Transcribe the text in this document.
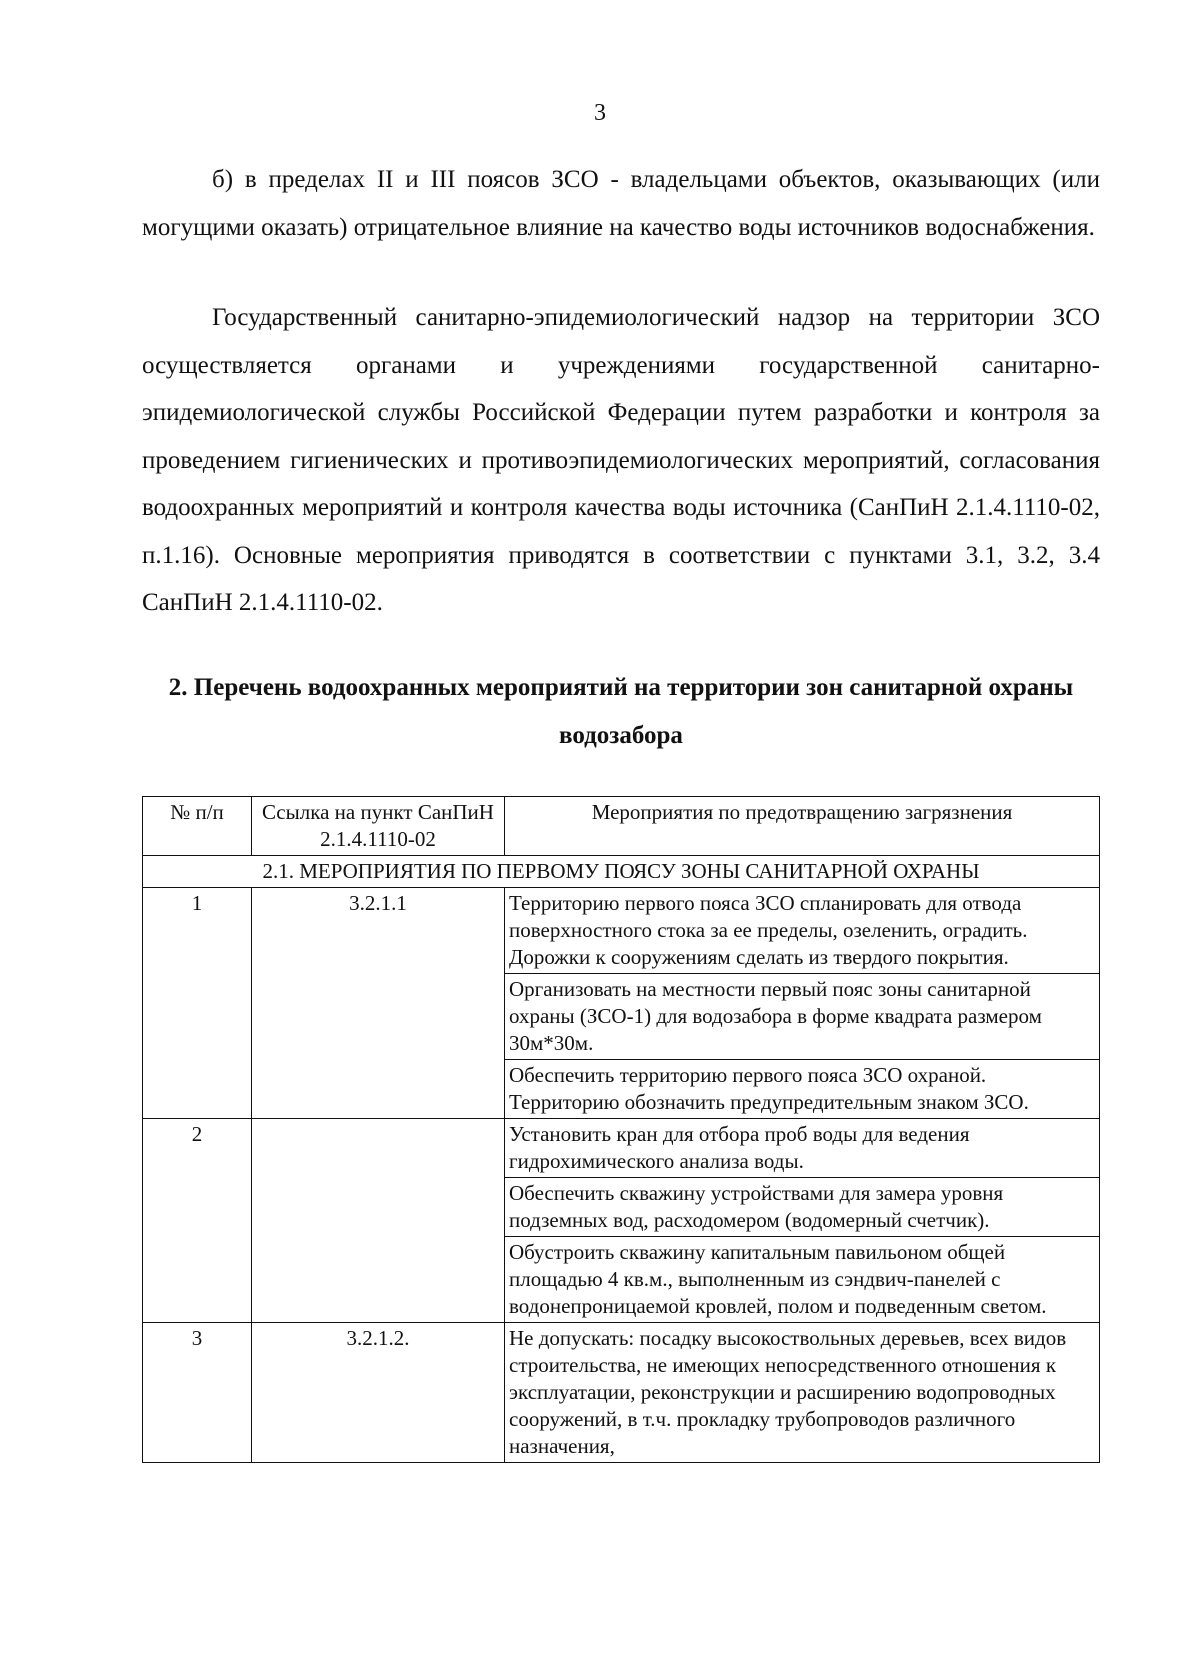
3

б) в пределах II и III поясов ЗСО - владельцами объектов, оказывающих (или могущими оказать) отрицательное влияние на качество воды источников водоснабжения.

Государственный санитарно-эпидемиологический надзор на территории ЗСО осуществляется органами и учреждениями государственной санитарно-эпидемиологической службы Российской Федерации путем разработки и контроля за проведением гигиенических и противоэпидемиологических мероприятий, согласования водоохранных мероприятий и контроля качества воды источника (СанПиН 2.1.4.1110-02, п.1.16). Основные мероприятия приводятся в соответствии с пунктами 3.1, 3.2, 3.4 СанПиН 2.1.4.1110-02.

2. Перечень водоохранных мероприятий на территории зон санитарной охраны водозабора
№ п/п	Ссылка на пункт СанПиН 2.1.4.1110-02	Мероприятия по предотвращению загрязнения
2.1. МЕРОПРИЯТИЯ ПО ПЕРВОМУ ПОЯСУ ЗОНЫ САНИТАРНОЙ ОХРАНЫ		
1	3.2.1.1	Территорию первого пояса ЗСО спланировать для отвода поверхностного стока за ее пределы, озеленить, оградить. Дорожки к сооружениям сделать из твердого покрытия.
		Организовать на местности первый пояс зоны санитарной охраны (ЗСО-1) для водозабора в форме квадрата размером 30м*30м.
		Обеспечить территорию первого пояса ЗСО охраной. Территорию обозначить предупредительным знаком ЗСО.
2		Установить кран для отбора проб воды для ведения гидрохимического анализа воды.
		Обеспечить скважину устройствами для замера уровня подземных вод, расходомером (водомерный счетчик).
		Обустроить скважину капитальным павильоном общей площадью 4 кв.м., выполненным из сэндвич-панелей с водонепроницаемой кровлей, полом и подведенным светом.
3	3.2.1.2.	Не допускать: посадку высокоствольных деревьев, всех видов строительства, не имеющих непосредственного отношения к эксплуатации, реконструкции и расширению водопроводных сооружений, в т.ч. прокладку трубопроводов различного назначения,
